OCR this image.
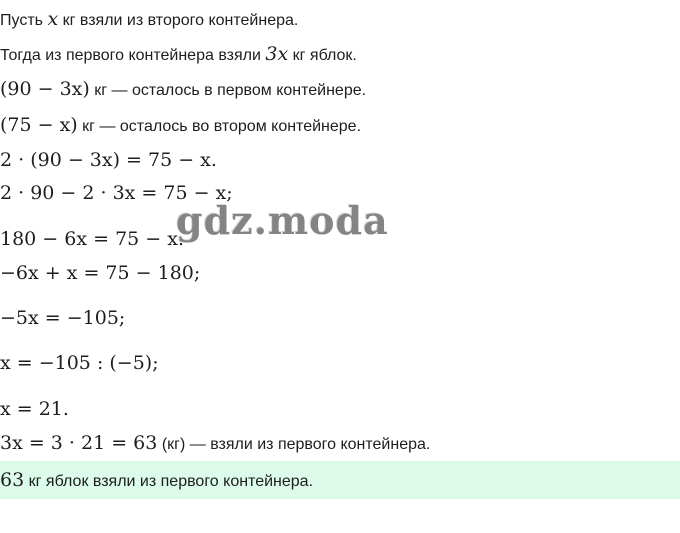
Пусть x кг взяли из второго контейнера.
Тогда из первого контейнера взяли 3x кг яблок.
(90 − 3x) кг — осталось в первом контейнере.
(75 − x) кг — осталось во втором контейнере.
2 · (90 − 3x) = 75 − x.
2 · 90 − 2 · 3x = 75 − x;
180 − 6x = 75 − x.
−6x + x = 75 − 180;
−5x = −105;
x = −105 : (−5);
x = 21.
3x = 3 · 21 = 63 (кг) — взяли из первого контейнера.
63 кг яблок взяли из первого контейнера.
gdz.moda
